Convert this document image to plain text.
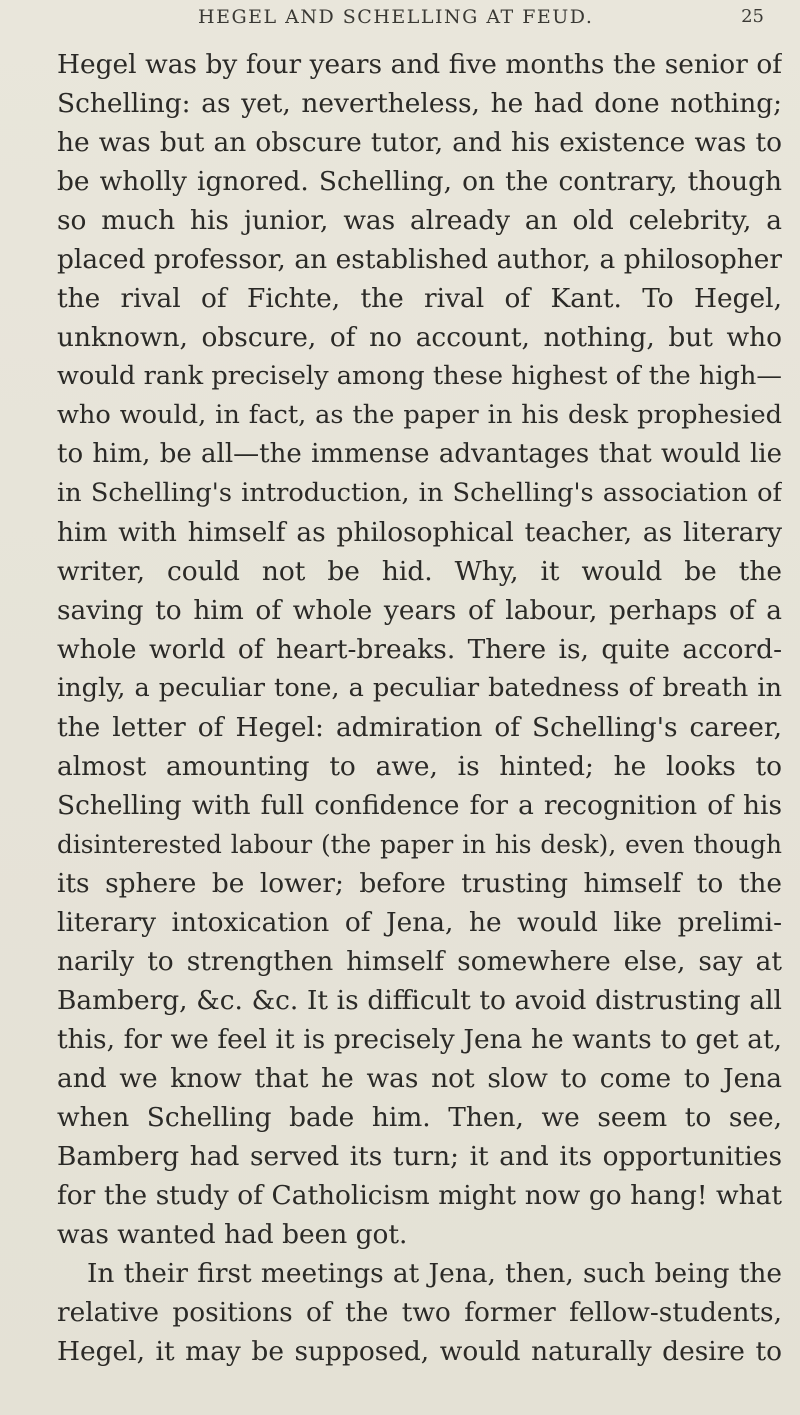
HEGEL AND SCHELLING AT FEUD.	25
Hegel was by four years and five months the senior of
Schelling: as yet, nevertheless, he had done nothing;
he was but an obscure tutor, and his existence was to
be wholly ignored. Schelling, on the contrary, though
so much his junior, was already an old celebrity, a
placed professor, an established author, a philosopher
the rival of Fichte, the rival of Kant. To Hegel,
unknown, obscure, of no account, nothing, but who
would rank precisely among these highest of the high—
who would, in fact, as the paper in his desk prophesied
to him, be all—the immense advantages that would lie
in Schelling's introduction, in Schelling's association of
him with himself as philosophical teacher, as literary
writer, could not be hid. Why, it would be the
saving to him of whole years of labour, perhaps of a
whole world of heart-breaks. There is, quite accord-
ingly, a peculiar tone, a peculiar batedness of breath in
the letter of Hegel: admiration of Schelling's career,
almost amounting to awe, is hinted; he looks to
Schelling with full confidence for a recognition of his
disinterested labour (the paper in his desk), even though
its sphere be lower; before trusting himself to the
literary intoxication of Jena, he would like prelimi-
narily to strengthen himself somewhere else, say at
Bamberg, &c. &c. It is difficult to avoid distrusting all
this, for we feel it is precisely Jena he wants to get at,
and we know that he was not slow to come to Jena
when Schelling bade him. Then, we seem to see,
Bamberg had served its turn; it and its opportunities
for the study of Catholicism might now go hang! what
was wanted had been got.
In their first meetings at Jena, then, such being the
relative positions of the two former fellow-students,
Hegel, it may be supposed, would naturally desire to
